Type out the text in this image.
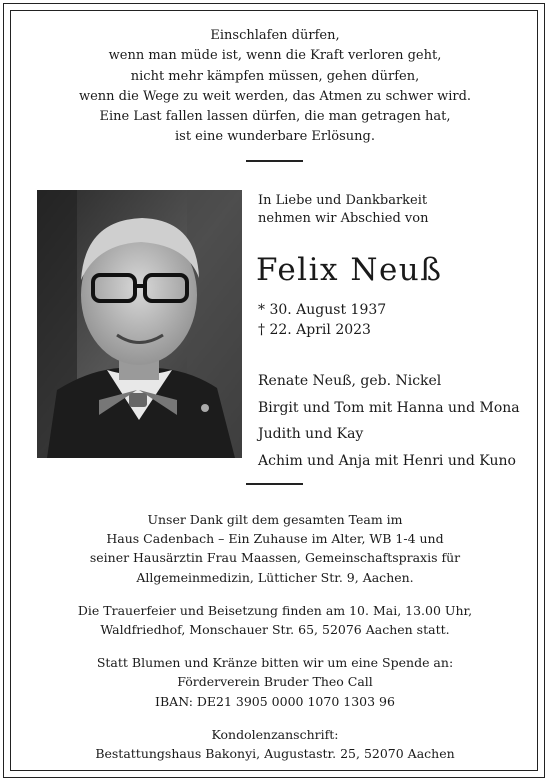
Einschlafen dürfen,
wenn man müde ist, wenn die Kraft verloren geht,
nicht mehr kämpfen müssen, gehen dürfen,
wenn die Wege zu weit werden, das Atmen zu schwer wird.
Eine Last fallen lassen dürfen, die man getragen hat,
ist eine wunderbare Erlösung.
In Liebe und Dankbarkeit
nehmen wir Abschied von
Felix Neuß
* 30. August 1937
† 22. April 2023
Renate Neuß, geb. Nickel
Birgit und Tom mit Hanna und Mona
Judith und Kay
Achim und Anja mit Henri und Kuno
Unser Dank gilt dem gesamten Team im
Haus Cadenbach – Ein Zuhause im Alter, WB 1-4 und
seiner Hausärztin Frau Maassen, Gemeinschaftspraxis für
Allgemeinmedizin, Lütticher Str. 9, Aachen.
Die Trauerfeier und Beisetzung finden am 10. Mai, 13.00 Uhr,
Waldfriedhof, Monschauer Str. 65, 52076 Aachen statt.
Statt Blumen und Kränze bitten wir um eine Spende an:
Förderverein Bruder Theo Call
IBAN: DE21 3905 0000 1070 1303 96
Kondolenzanschrift:
Bestattungshaus Bakonyi, Augustastr. 25, 52070 Aachen
